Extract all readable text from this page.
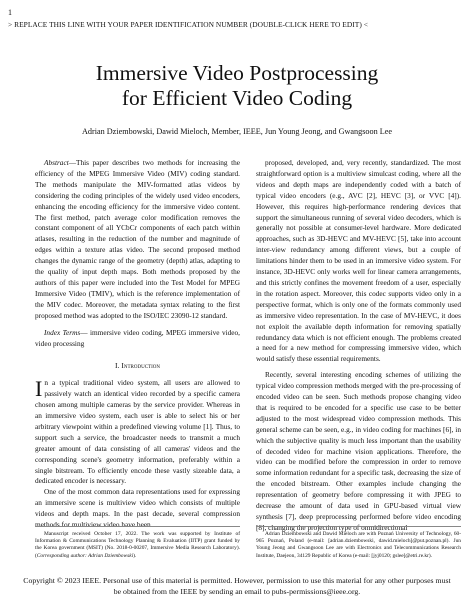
1
> REPLACE THIS LINE WITH YOUR PAPER IDENTIFICATION NUMBER (DOUBLE-CLICK HERE TO EDIT) <
Immersive Video Postprocessing
for Efficient Video Coding
Adrian Dziembowski, Dawid Mieloch, Member, IEEE, Jun Young Jeong, and Gwangsoon Lee

Abstract—This paper describes two methods for increasing the efficiency of the MPEG Immersive Video (MIV) coding standard. The methods manipulate the MIV-formatted atlas videos by considering the coding principles of the widely used video encoders, enhancing the encoding efficiency for the immersive video content. The first method, patch average color modification removes the constant component of all YCbCr components of each patch within atlases, resulting in the reduction of the number and magnitude of edges within a texture atlas video. The second proposed method changes the dynamic range of the geometry (depth) atlas, adapting to the quality of input depth maps. Both methods proposed by the authors of this paper were included into the Test Model for MPEG Immersive Video (TMIV), which is the reference implementation of the MIV codec. Moreover, the metadata syntax relating to the first proposed method was adopted to the ISO/IEC 23090-12 standard.

Index Terms— immersive video coding, MPEG immersive video, video processing

I. Introduction

In a typical traditional video system, all users are allowed to passively watch an identical video recorded by a specific camera chosen among multiple cameras by the service provider. Whereas in an immersive video system, each user is able to select his or her arbitrary viewpoint within a predefined viewing volume [1]. Thus, to support such a service, the broadcaster needs to transmit a much greater amount of data consisting of all cameras' videos and the corresponding scene's geometry information, preferably within a single bitstream. To efficiently encode these vastly sizeable data, a dedicated encoder is necessary.

One of the most common data representations used for expressing an immersive scene is multiview video which consists of multiple videos and depth maps. In the past decade, several compression methods for multiview video have been

proposed, developed, and, very recently, standardized. The most straightforward option is a multiview simulcast coding, where all the videos and depth maps are independently coded with a batch of typical video encoders (e.g., AVC [2], HEVC [3], or VVC [4]). However, this requires high-performance rendering devices that support the simultaneous running of several video decoders, which is generally not possible at consumer-level hardware. More dedicated approaches, such as 3D-HEVC and MV-HEVC [5], take into account inter-view redundancy among different views, but a couple of limitations hinder them to be used in an immersive video system. For instance, 3D-HEVC only works well for linear camera arrangements, and this strictly confines the movement freedom of a user, especially in the rotation aspect. Moreover, this codec supports video only in a perspective format, which is only one of the formats commonly used as immersive video representation. In the case of MV-HEVC, it does not exploit the available depth information for removing spatially redundancy data which is not efficient enough. The problems created a need for a new method for compressing immersive video, which would satisfy these essential requirements.

Recently, several interesting encoding schemes of utilizing the typical video compression methods merged with the pre-processing of encoded video can be seen. Such methods propose changing video that is required to be encoded for a specific use case to be better adjusted to the most widespread video compression methods. This general scheme can be seen, e.g., in video coding for machines [6], in which the subjective quality is much less important than the usability of decoded video for machine vision applications. Therefore, the video can be modified before the compression in order to remove some information redundant for a specific task, decreasing the size of the encoded bitstream. Other examples include changing the representation of geometry before compressing it with JPEG to decrease the amount of data used in GPU-based virtual view synthesis [7], deep preprocessing performed before video encoding [8], changing the projection type of omnidirectional

Manuscript received October 17, 2022. The work was supported by Institute of Information & Communications Technology Planning & Evaluation (IITP) grant funded by the Korea government (MSIT) (No. 2018-0-00207, Immersive Media Research Laboratory). (Corresponding author: Adrian Dziembowski).

Adrian Dziembowski and Dawid Mieloch are with Poznań University of Technology, 60-965 Poznań, Poland (e-mail: [adrian.dziembowski, dawid.mieloch]@put.poznan.pl). Jun Young Jeong and Gwangsoon Lee are with Electronics and Telecommunications Research Institute, Daejeon, 34129 Republic of Korea (e-mail: [jyj0120; gslee]@etri.re.kr).

Copyright © 2023 IEEE. Personal use of this material is permitted. However, permission to use this material for any other purposes must be obtained from the IEEE by sending an email to pubs-permissions@ieee.org.
